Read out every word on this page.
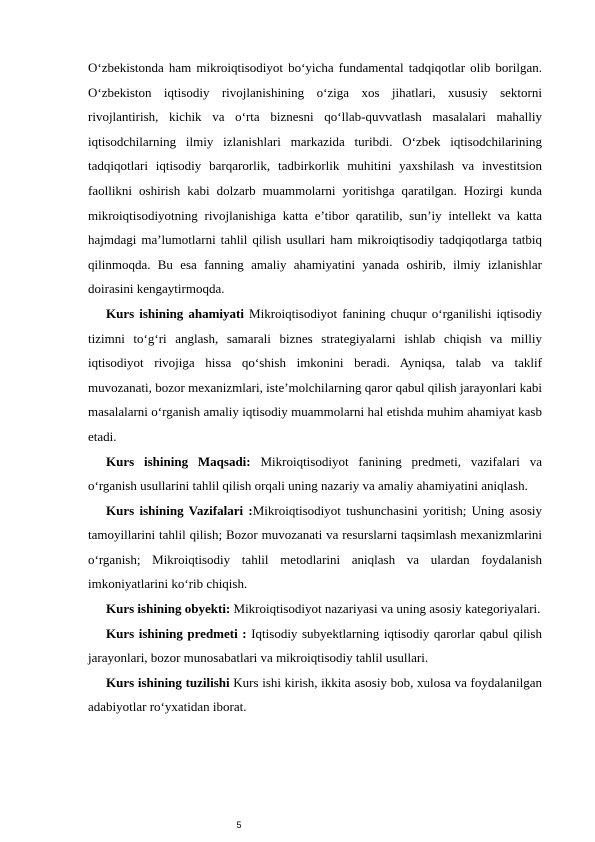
O‘zbekistonda ham mikroiqtisodiyot bo‘yicha fundamental tadqiqotlar olib borilgan. O‘zbekiston iqtisodiy rivojlanishining o‘ziga xos jihatlari, xususiy sektorni rivojlantirish, kichik va o‘rta biznesni qo‘llab-quvvatlash masalalari mahalliy iqtisodchilarning ilmiy izlanishlari markazida turibdi. O‘zbek iqtisodchilarining tadqiqotlari iqtisodiy barqarorlik, tadbirkorlik muhitini yaxshilash va investitsion faollikni oshirish kabi dolzarb muammolarni yoritishga qaratilgan. Hozirgi kunda mikroiqtisodiyotning rivojlanishiga katta e’tibor qaratilib, sun’iy intellekt va katta hajmdagi ma’lumotlarni tahlil qilish usullari ham mikroiqtisodiy tadqiqotlarga tatbiq qilinmoqda. Bu esa fanning amaliy ahamiyatini yanada oshirib, ilmiy izlanishlar doirasini kengaytirmoqda.

Kurs ishining ahamiyati Mikroiqtisodiyot fanining chuqur o‘rganilishi iqtisodiy tizimni to‘g‘ri anglash, samarali biznes strategiyalarni ishlab chiqish va milliy iqtisodiyot rivojiga hissa qo‘shish imkonini beradi. Ayniqsa, talab va taklif muvozanati, bozor mexanizmlari, iste’molchilarning qaror qabul qilish jarayonlari kabi masalalarni o‘rganish amaliy iqtisodiy muammolarni hal etishda muhim ahamiyat kasb etadi.

Kurs ishining Maqsadi: Mikroiqtisodiyot fanining predmeti, vazifalari va o‘rganish usullarini tahlil qilish orqali uning nazariy va amaliy ahamiyatini aniqlash.

Kurs ishining Vazifalari :Mikroiqtisodiyot tushunchasini yoritish; Uning asosiy tamoyillarini tahlil qilish; Bozor muvozanati va resurslarni taqsimlash mexanizmlarini o‘rganish; Mikroiqtisodiy tahlil metodlarini aniqlash va ulardan foydalanish imkoniyatlarini ko‘rib chiqish.

Kurs ishining obyekti: Mikroiqtisodiyot nazariyasi va uning asosiy kategoriyalari.

Kurs ishining predmeti : Iqtisodiy subyektlarning iqtisodiy qarorlar qabul qilish jarayonlari, bozor munosabatlari va mikroiqtisodiy tahlil usullari.

Kurs ishining tuzilishi Kurs ishi kirish, ikkita asosiy bob, xulosa va foydalanilgan adabiyotlar ro‘yxatidan iborat.

5
